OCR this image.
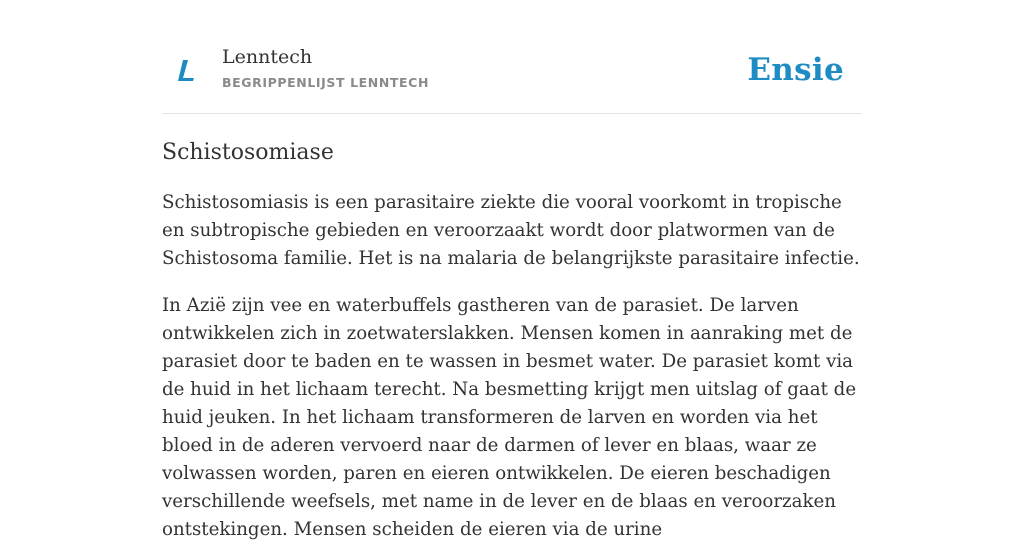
Lenntech
BEGRIPPENLIJST LENNTECH	Ensie
Schistosomiase

Schistosomiasis is een parasitaire ziekte die vooral voorkomt in tropische en subtropische gebieden en veroorzaakt wordt door platwormen van de Schistosoma familie. Het is na malaria de belangrijkste parasitaire infectie.

In Azië zijn vee en waterbuffels gastheren van de parasiet. De larven ontwikkelen zich in zoetwaterslakken. Mensen komen in aanraking met de parasiet door te baden en te wassen in besmet water. De parasiet komt via de huid in het lichaam terecht. Na besmetting krijgt men uitslag of gaat de huid jeuken. In het lichaam transformeren de larven en worden via het bloed in de aderen vervoerd naar de darmen of lever en blaas, waar ze volwassen worden, paren en eieren ontwikkelen. De eieren beschadigen verschillende weefsels, met name in de lever en de blaas en veroorzaken ontstekingen. Mensen scheiden de eieren via de urine
